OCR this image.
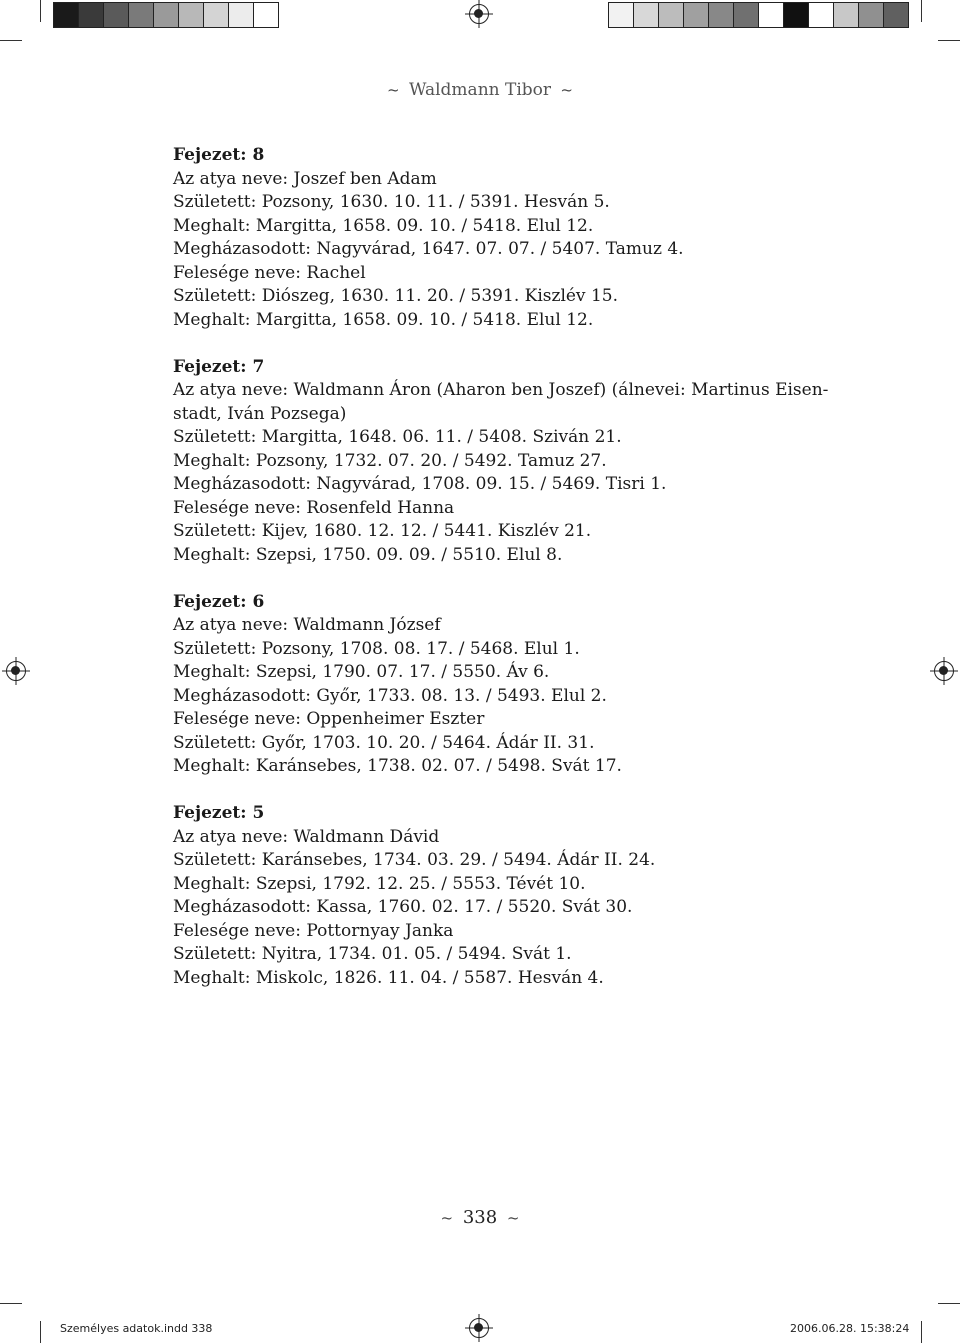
~ Waldmann Tibor ~
Fejezet: 8
Az atya neve: Joszef ben Adam
Született: Pozsony, 1630. 10. 11. / 5391. Hesván 5.
Meghalt: Margitta, 1658. 09. 10. / 5418. Elul 12.
Megházasodott: Nagyvárad, 1647. 07. 07. / 5407. Tamuz 4.
Felesége neve: Rachel
Született: Diószeg, 1630. 11. 20. / 5391. Kiszlév 15.
Meghalt: Margitta, 1658. 09. 10. / 5418. Elul 12.
Fejezet: 7
Az atya neve: Waldmann Áron (Aharon ben Joszef) (álnevei: Martinus Eisen-
stadt, Iván Pozsega)
Született: Margitta, 1648. 06. 11. / 5408. Sziván 21.
Meghalt: Pozsony, 1732. 07. 20. / 5492. Tamuz 27.
Megházasodott: Nagyvárad, 1708. 09. 15. / 5469. Tisri 1.
Felesége neve: Rosenfeld Hanna
Született: Kijev, 1680. 12. 12. / 5441. Kiszlév 21.
Meghalt: Szepsi, 1750. 09. 09. / 5510. Elul 8.
Fejezet: 6
Az atya neve: Waldmann József
Született: Pozsony, 1708. 08. 17. / 5468. Elul 1.
Meghalt: Szepsi, 1790. 07. 17. / 5550. Áv 6.
Megházasodott: Győr, 1733. 08. 13. / 5493. Elul 2.
Felesége neve: Oppenheimer Eszter
Született: Győr, 1703. 10. 20. / 5464. Ádár II. 31.
Meghalt: Karánsebes, 1738. 02. 07. / 5498. Svát 17.
Fejezet: 5
Az atya neve: Waldmann Dávid
Született: Karánsebes, 1734. 03. 29. / 5494. Ádár II. 24.
Meghalt: Szepsi, 1792. 12. 25. / 5553. Tévét 10.
Megházasodott: Kassa, 1760. 02. 17. / 5520. Svát 30.
Felesége neve: Pottornyay Janka
Született: Nyitra, 1734. 01. 05. / 5494. Svát 1.
Meghalt: Miskolc, 1826. 11. 04. / 5587. Hesván 4.
~ 338 ~
Személyes adatok.indd 338	2006.06.28. 15:38:24
